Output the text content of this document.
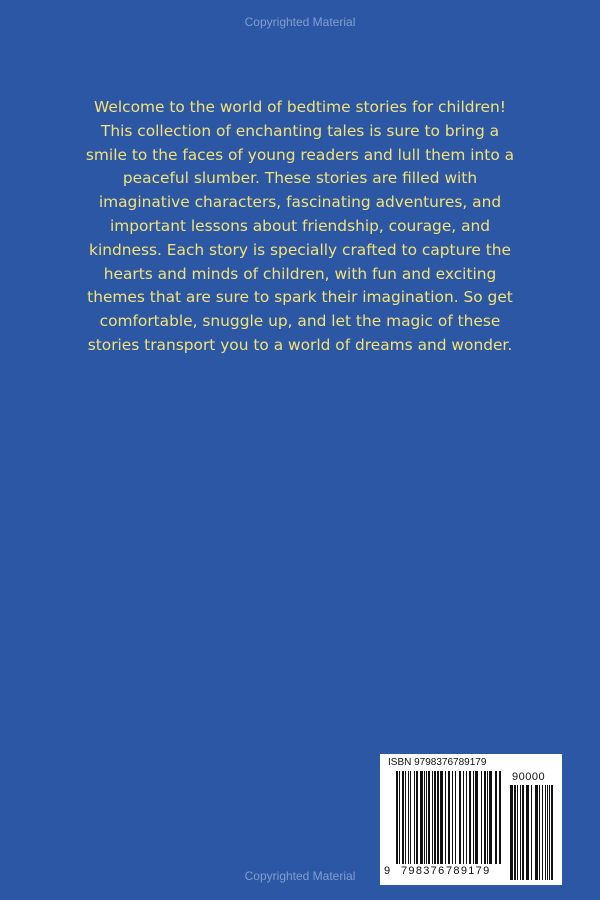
Copyrighted Material

Welcome to the world of bedtime stories for children!
This collection of enchanting tales is sure to bring a
smile to the faces of young readers and lull them into a
peaceful slumber. These stories are filled with
imaginative characters, fascinating adventures, and
important lessons about friendship, courage, and
kindness. Each story is specially crafted to capture the
hearts and minds of children, with fun and exciting
themes that are sure to spark their imagination. So get
comfortable, snuggle up, and let the magic of these
stories transport you to a world of dreams and wonder.

ISBN 9798376789179
90000
9 798376 789179
Copyrighted Material
